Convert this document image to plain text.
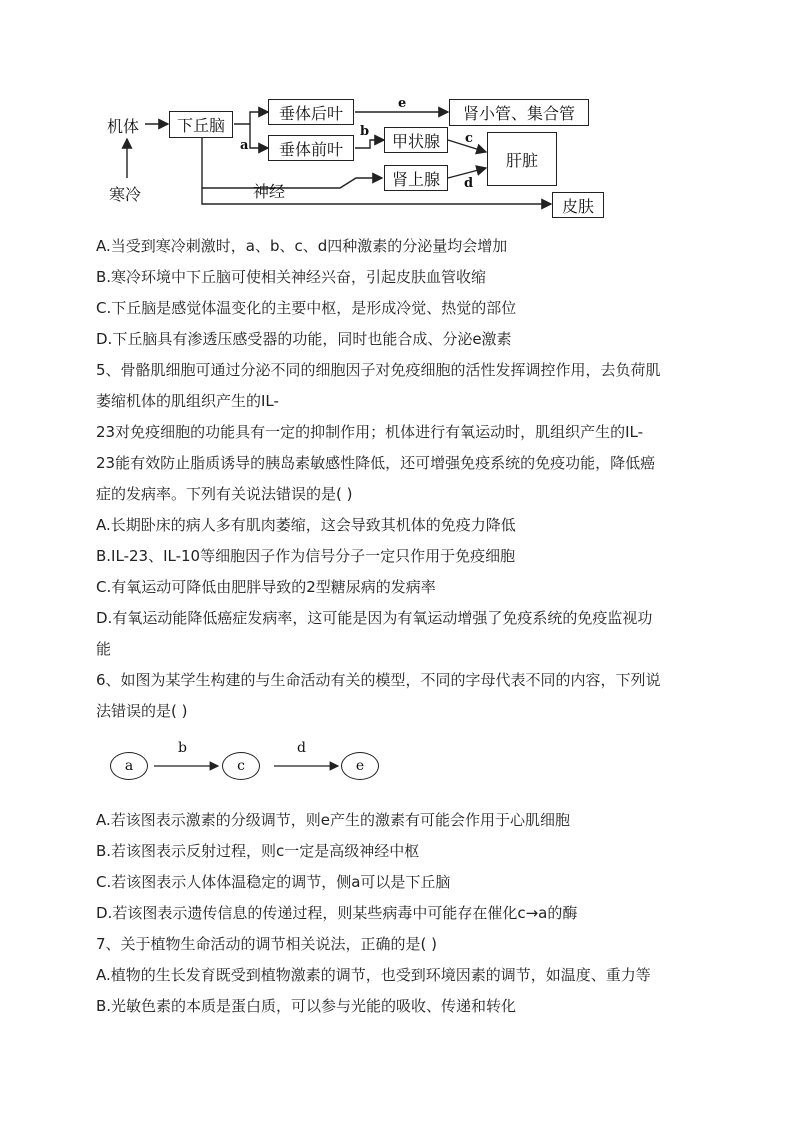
机体
寒冷
下丘脑
垂体后叶
垂体前叶
肾小管、集合管
甲状腺
肾上腺
肝脏
皮肤
神经
a
b	c
d
e
A.当受到寒冷刺激时，a、b、c、d四种激素的分泌量均会增加
B.寒冷环境中下丘脑可使相关神经兴奋，引起皮肤血管收缩
C.下丘脑是感觉体温变化的主要中枢，是形成冷觉、热觉的部位
D.下丘脑具有渗透压感受器的功能，同时也能合成、分泌e激素
5、骨骼肌细胞可通过分泌不同的细胞因子对免疫细胞的活性发挥调控作用，去负荷肌
萎缩机体的肌组织产生的IL-
23对免疫细胞的功能具有一定的抑制作用；机体进行有氧运动时，肌组织产生的IL-
23能有效防止脂质诱导的胰岛素敏感性降低，还可增强免疫系统的免疫功能，降低癌
症的发病率。下列有关说法错误的是( )
A.长期卧床的病人多有肌肉萎缩，这会导致其机体的免疫力降低
B.IL-23、IL-10等细胞因子作为信号分子一定只作用于免疫细胞
C.有氧运动可降低由肥胖导致的2型糖尿病的发病率
D.有氧运动能降低癌症发病率，这可能是因为有氧运动增强了免疫系统的免疫监视功
能
6、如图为某学生构建的与生命活动有关的模型，不同的字母代表不同的内容，下列说
法错误的是( )
a	c	e
b	d
A.若该图表示激素的分级调节，则e产生的激素有可能会作用于心肌细胞
B.若该图表示反射过程，则c一定是高级神经中枢
C.若该图表示人体体温稳定的调节，侧a可以是下丘脑
D.若该图表示遗传信息的传递过程，则某些病毒中可能存在催化c→a的酶
7、关于植物生命活动的调节相关说法，正确的是( )
A.植物的生长发育既受到植物激素的调节，也受到环境因素的调节，如温度、重力等
B.光敏色素的本质是蛋白质，可以参与光能的吸收、传递和转化
